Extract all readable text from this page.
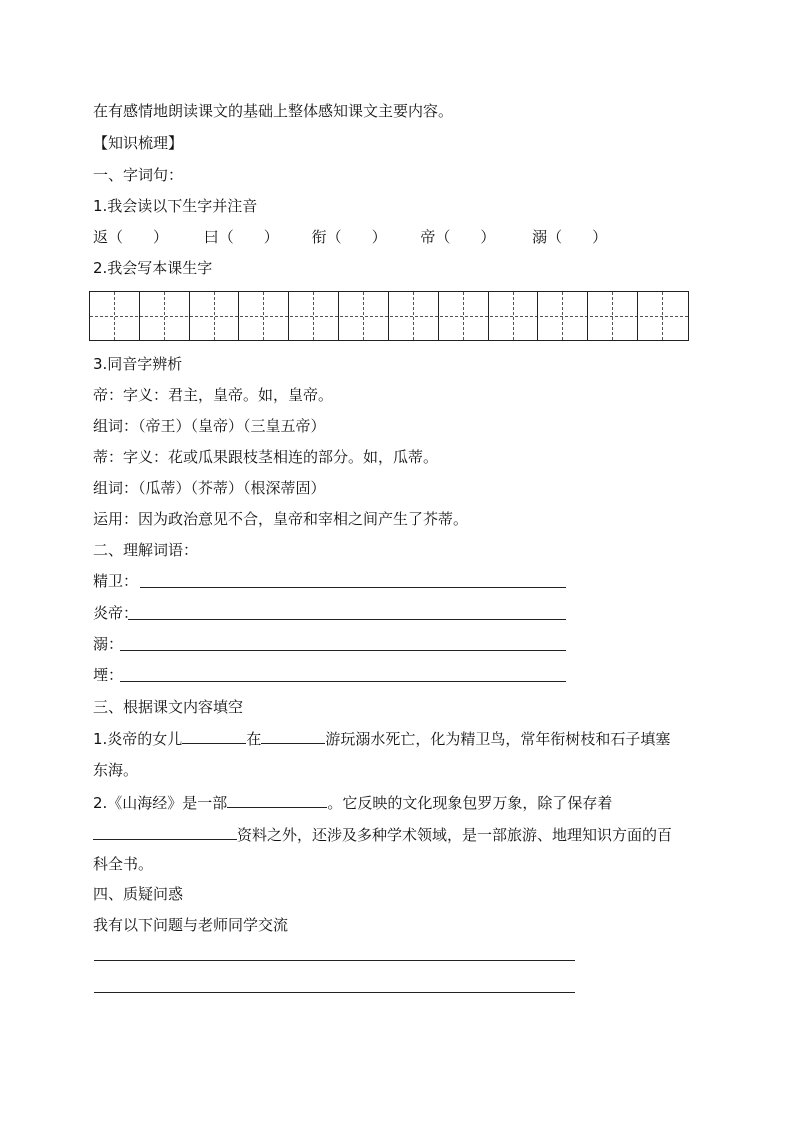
在有感情地朗读课文的基础上整体感知课文主要内容。
【知识梳理】
一、字词句：
1.我会读以下生字并注音
返（　　） 曰（　　） 衔（　　） 帝（　　） 溺（　　）
2.我会写本课生字
3.同音字辨析
帝：字义：君主，皇帝。如，皇帝。
组词：（帝王）（皇帝）（三皇五帝）
蒂：字义：花或瓜果跟枝茎相连的部分。如，瓜蒂。
组词：（瓜蒂）（芥蒂）（根深蒂固）
运用：因为政治意见不合，皇帝和宰相之间产生了芥蒂。
二、理解词语：
精卫：
炎帝：
溺：
堙：
三、根据课文内容填空
1.炎帝的女儿	在	游玩溺水死亡，化为精卫鸟，常年衔树枝和石子填塞
东海。
2.《山海经》是一部	。它反映的文化现象包罗万象，除了保存着
资料之外，还涉及多种学术领域，是一部旅游、地理知识方面的百
科全书。
四、质疑问惑
我有以下问题与老师同学交流
